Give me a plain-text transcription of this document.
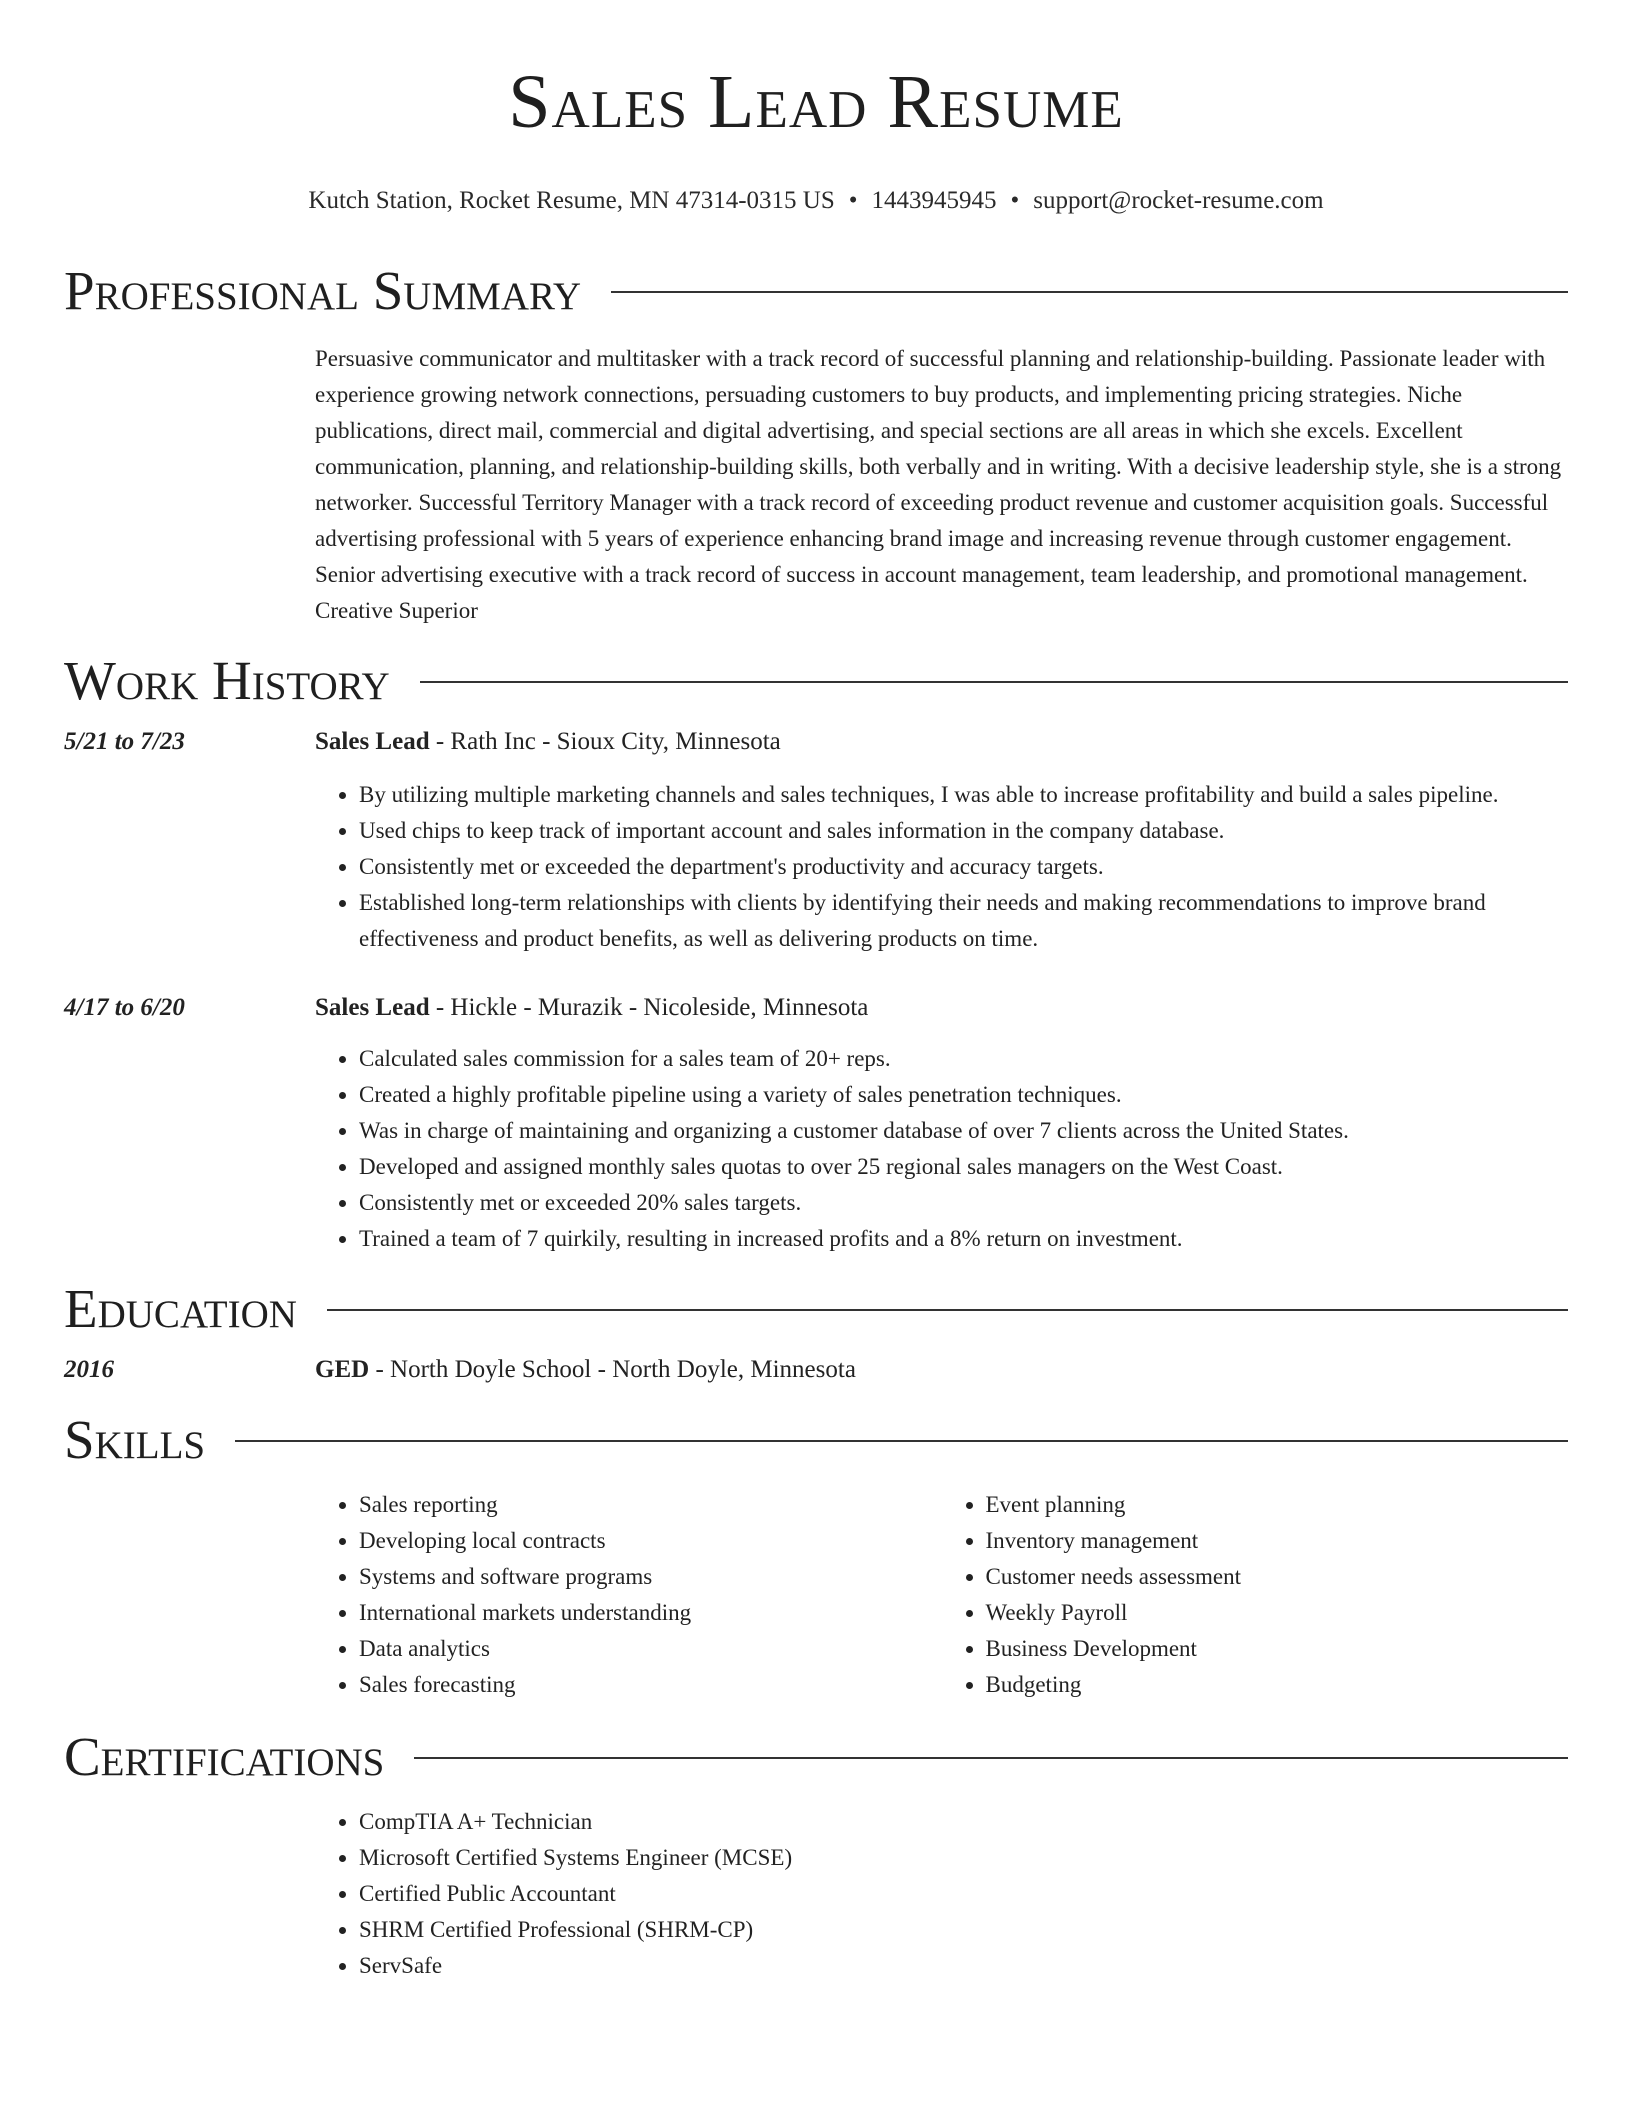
Sales Lead Resume
Kutch Station, Rocket Resume, MN 47314-0315 US • 1443945945 • support@rocket-resume.com
Professional Summary
Persuasive communicator and multitasker with a track record of successful planning and relationship-building. Passionate leader with experience growing network connections, persuading customers to buy products, and implementing pricing strategies. Niche publications, direct mail, commercial and digital advertising, and special sections are all areas in which she excels. Excellent communication, planning, and relationship-building skills, both verbally and in writing. With a decisive leadership style, she is a strong networker. Successful Territory Manager with a track record of exceeding product revenue and customer acquisition goals. Successful advertising professional with 5 years of experience enhancing brand image and increasing revenue through customer engagement. Senior advertising executive with a track record of success in account management, team leadership, and promotional management. Creative Superior
Work History
5/21 to 7/23	Sales Lead - Rath Inc - Sioux City, Minnesota
• By utilizing multiple marketing channels and sales techniques, I was able to increase profitability and build a sales pipeline.
• Used chips to keep track of important account and sales information in the company database.
• Consistently met or exceeded the department's productivity and accuracy targets.
• Established long-term relationships with clients by identifying their needs and making recommendations to improve brand effectiveness and product benefits, as well as delivering products on time.
4/17 to 6/20	Sales Lead - Hickle - Murazik - Nicoleside, Minnesota
• Calculated sales commission for a sales team of 20+ reps.
• Created a highly profitable pipeline using a variety of sales penetration techniques.
• Was in charge of maintaining and organizing a customer database of over 7 clients across the United States.
• Developed and assigned monthly sales quotas to over 25 regional sales managers on the West Coast.
• Consistently met or exceeded 20% sales targets.
• Trained a team of 7 quirkily, resulting in increased profits and a 8% return on investment.
Education
2016	GED - North Doyle School - North Doyle, Minnesota
Skills
• Sales reporting
• Developing local contracts
• Systems and software programs
• International markets understanding
• Data analytics
• Sales forecasting
• Event planning
• Inventory management
• Customer needs assessment
• Weekly Payroll
• Business Development
• Budgeting
Certifications
• CompTIA A+ Technician
• Microsoft Certified Systems Engineer (MCSE)
• Certified Public Accountant
• SHRM Certified Professional (SHRM-CP)
• ServSafe
